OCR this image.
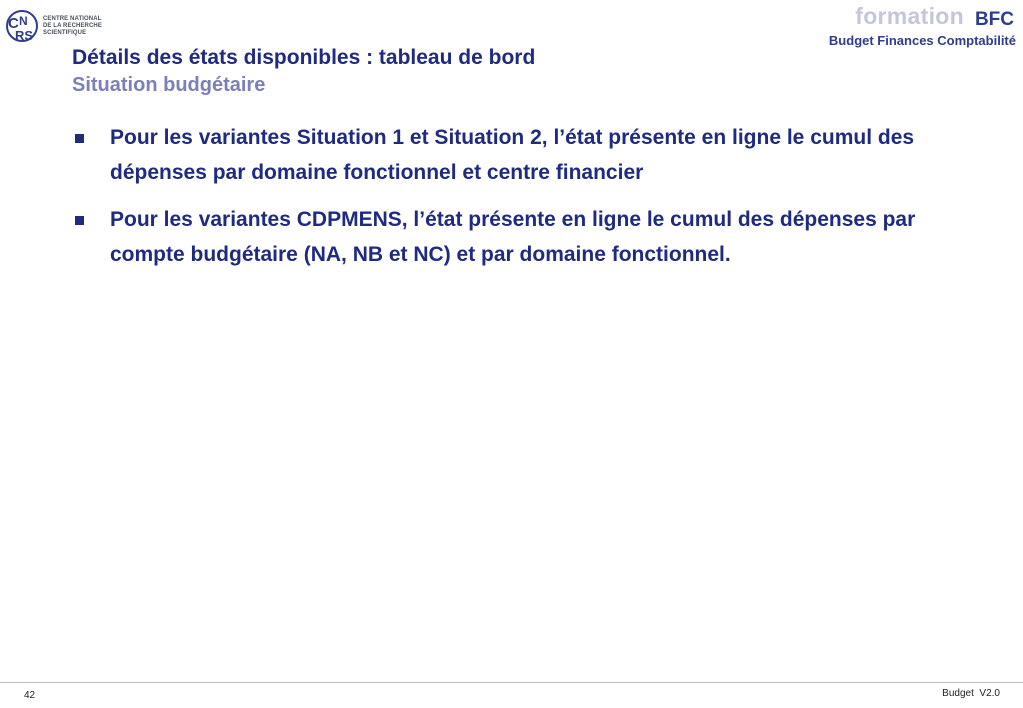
C N
RS
CENTRE NATIONAL
DE LA RECHERCHE
SCIENTIFIQUE
formation BFC
Budget Finances Comptabilité
Détails des états disponibles : tableau de bord
Situation budgétaire
Pour les variantes Situation 1 et Situation 2, l’état présente en ligne le cumul des dépenses par domaine fonctionnel et centre financier
Pour les variantes CDPMENS, l’état présente en ligne le cumul des dépenses par compte budgétaire (NA, NB et NC) et par domaine fonctionnel.
42	Budget  V2.0
